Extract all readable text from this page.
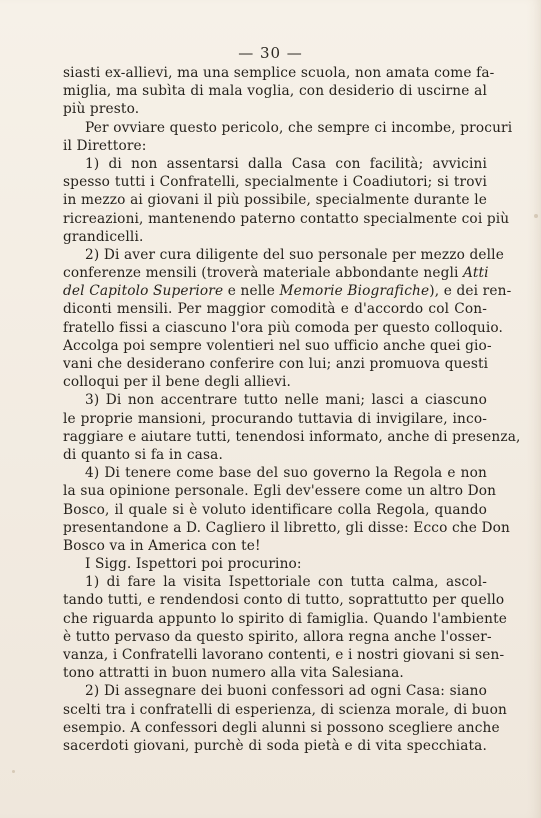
— 30 —
siasti ex-allievi, ma una semplice scuola, non amata come fa-
miglia, ma subìta di mala voglia, con desiderio di uscirne al
più presto.
Per ovviare questo pericolo, che sempre ci incombe, procuri
il Direttore:
1) di non assentarsi dalla Casa con facilità; avvicini
spesso tutti i Confratelli, specialmente i Coadiutori; si trovi
in mezzo ai giovani il più possibile, specialmente durante le
ricreazioni, mantenendo paterno contatto specialmente coi più
grandicelli.
2) Di aver cura diligente del suo personale per mezzo delle
conferenze mensili (troverà materiale abbondante negli Atti
del Capitolo Superiore e nelle Memorie Biografiche), e dei ren-
diconti mensili. Per maggior comodità e d'accordo col Con-
fratello fissi a ciascuno l'ora più comoda per questo colloquio.
Accolga poi sempre volentieri nel suo ufficio anche quei gio-
vani che desiderano conferire con lui; anzi promuova questi
colloqui per il bene degli allievi.
3) Di non accentrare tutto nelle mani; lasci a ciascuno
le proprie mansioni, procurando tuttavia di invigilare, inco-
raggiare e aiutare tutti, tenendosi informato, anche di presenza,
di quanto si fa in casa.
4) Di tenere come base del suo governo la Regola e non
la sua opinione personale. Egli dev'essere come un altro Don
Bosco, il quale si è voluto identificare colla Regola, quando
presentandone a D. Cagliero il libretto, gli disse: Ecco che Don
Bosco va in America con te!
I Sigg. Ispettori poi procurino:
1) di fare la visita Ispettoriale con tutta calma, ascol-
tando tutti, e rendendosi conto di tutto, soprattutto per quello
che riguarda appunto lo spirito di famiglia. Quando l'ambiente
è tutto pervaso da questo spirito, allora regna anche l'osser-
vanza, i Confratelli lavorano contenti, e i nostri giovani si sen-
tono attratti in buon numero alla vita Salesiana.
2) Di assegnare dei buoni confessori ad ogni Casa: siano
scelti tra i confratelli di esperienza, di scienza morale, di buon
esempio. A confessori degli alunni si possono scegliere anche
sacerdoti giovani, purchè di soda pietà e di vita specchiata.
